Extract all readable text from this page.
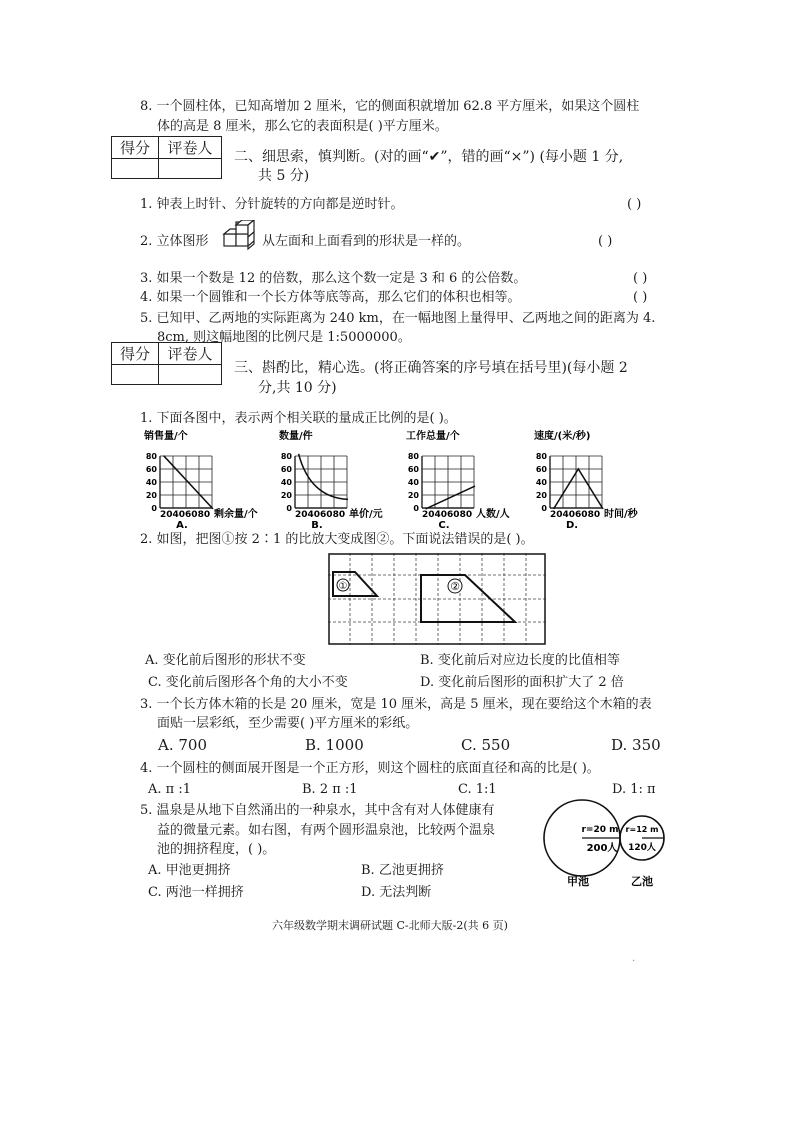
8. 一个圆柱体，已知高增加 2 厘米，它的侧面积就增加 62.8 平方厘米，如果这个圆柱
体的高是 8 厘米，那么它的表面积是( )平方厘米。
得分	评卷人
	二、细思索，慎判断。(对的画“✔”，错的画“×”) (每小题 1 分,
共 5 分)
1. 钟表上时针、分针旋转的方向都是逆时针。	( )
2. 立体图形	从左面和上面看到的形状是一样的。	( )
3. 如果一个数是 12 的倍数，那么这个数一定是 3 和 6 的公倍数。	( )
4. 如果一个圆锥和一个长方体等底等高，那么它们的体积也相等。	( )
5. 已知甲、乙两地的实际距离为 240 km，在一幅地图上量得甲、乙两地之间的距离为 4.
8cm, 则这幅地图的比例尺是 1:5000000。
得分	评卷人

三、斟酌比，精心选。(将正确答案的序号填在括号里)(每小题 2
分,共 10 分)
1. 下面各图中，表示两个相关联的量成正比例的是( )。
销售量/个
80
60
40
20
0
20406080 剩余量/个
A.
数量/件
80
60
40
20
0
20406080 单价/元
B.
工作总量/个
80
60
40
20
0
20406080 人数/人
C.
速度/(米/秒)
80
60
40
20
0
20406080 时间/秒
D.
2. 如图，把图①按 2∶1 的比放大变成图②。下面说法错误的是( )。
①	②
A. 变化前后图形的形状不变	B. 变化前后对应边长度的比值相等
C. 变化前后图形各个角的大小不变	D. 变化前后图形的面积扩大了 2 倍
3. 一个长方体木箱的长是 20 厘米，宽是 10 厘米，高是 5 厘米，现在要给这个木箱的表
面贴一层彩纸，至少需要( )平方厘米的彩纸。
A. 700	B. 1000	C. 550	D. 350
4. 一个圆柱的侧面展开图是一个正方形，则这个圆柱的底面直径和高的比是( )。
A. π :1	B. 2 π :1	C. 1:1	D. 1: π
5. 温泉是从地下自然涌出的一种泉水，其中含有对人体健康有
益的微量元素。如右图，有两个圆形温泉池，比较两个温泉
池的拥挤程度，( )。
A. 甲池更拥挤	B. 乙池更拥挤
C. 两池一样拥挤	D. 无法判断
r=20 m
200人
r=12 m
120人
甲池	乙池
六年级数学期末调研试题 C-北师大版-2(共 6 页)
.
